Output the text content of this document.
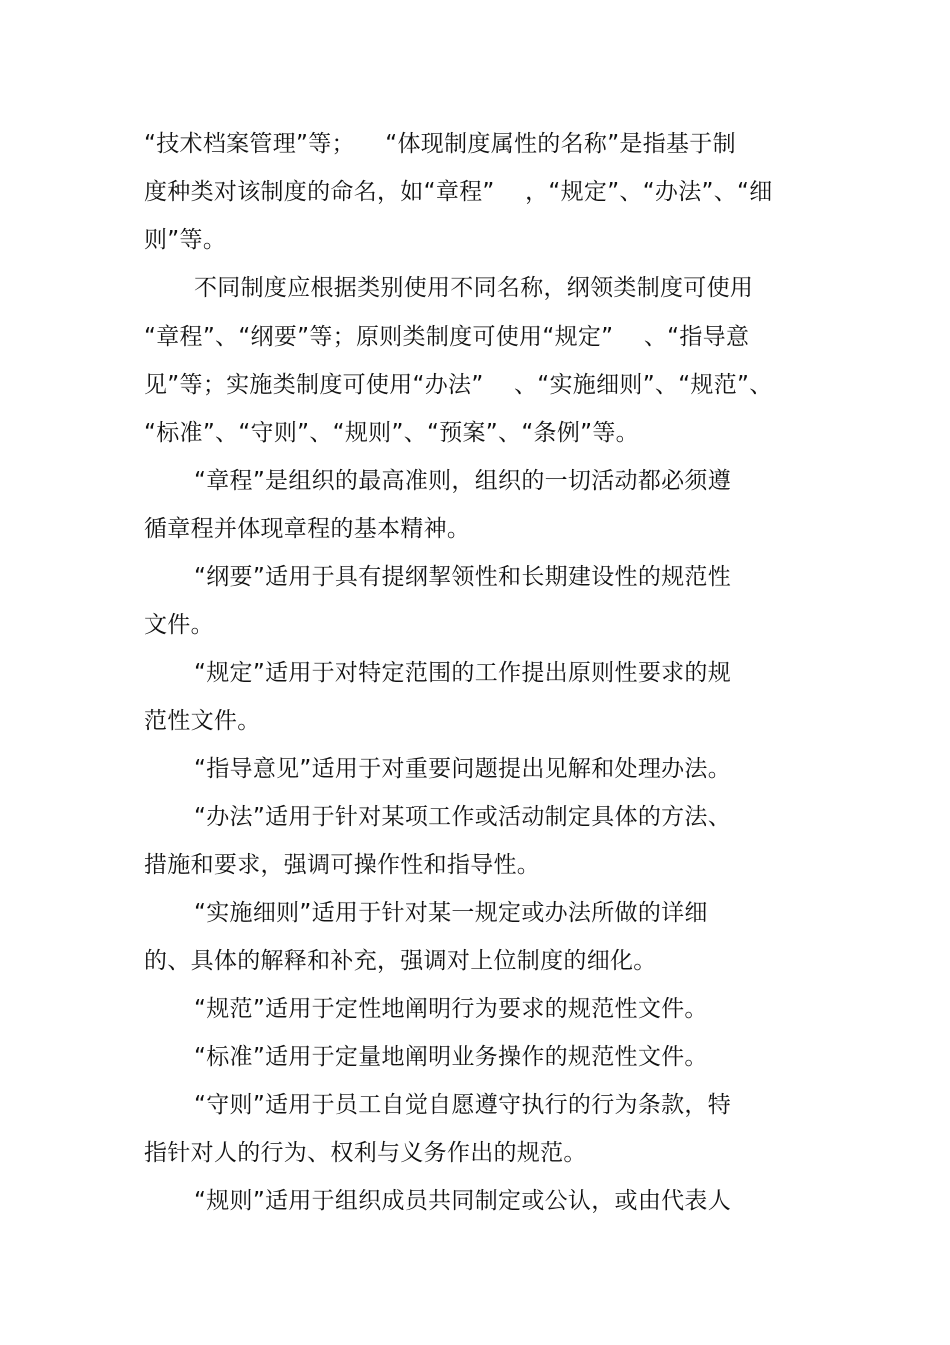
“技术档案管理”等；    “体现制度属性的名称”是指基于制
度种类对该制度的命名，如“章程”    ，“规定”、“办法”、“细
则”等。
不同制度应根据类别使用不同名称，纲领类制度可使用
“章程”、“纲要”等；原则类制度可使用“规定”    、“指导意
见”等；实施类制度可使用“办法”    、“实施细则”、“规范”、
“标准”、“守则”、“规则”、“预案”、“条例”等。
“章程”是组织的最高准则，组织的一切活动都必须遵
循章程并体现章程的基本精神。
“纲要”适用于具有提纲挈领性和长期建设性的规范性
文件。
“规定”适用于对特定范围的工作提出原则性要求的规
范性文件。
“指导意见”适用于对重要问题提出见解和处理办法。
“办法”适用于针对某项工作或活动制定具体的方法、
措施和要求，强调可操作性和指导性。
“实施细则”适用于针对某一规定或办法所做的详细
的、具体的解释和补充，强调对上位制度的细化。
“规范”适用于定性地阐明行为要求的规范性文件。
“标准”适用于定量地阐明业务操作的规范性文件。
“守则”适用于员工自觉自愿遵守执行的行为条款，特
指针对人的行为、权利与义务作出的规范。
“规则”适用于组织成员共同制定或公认，或由代表人
